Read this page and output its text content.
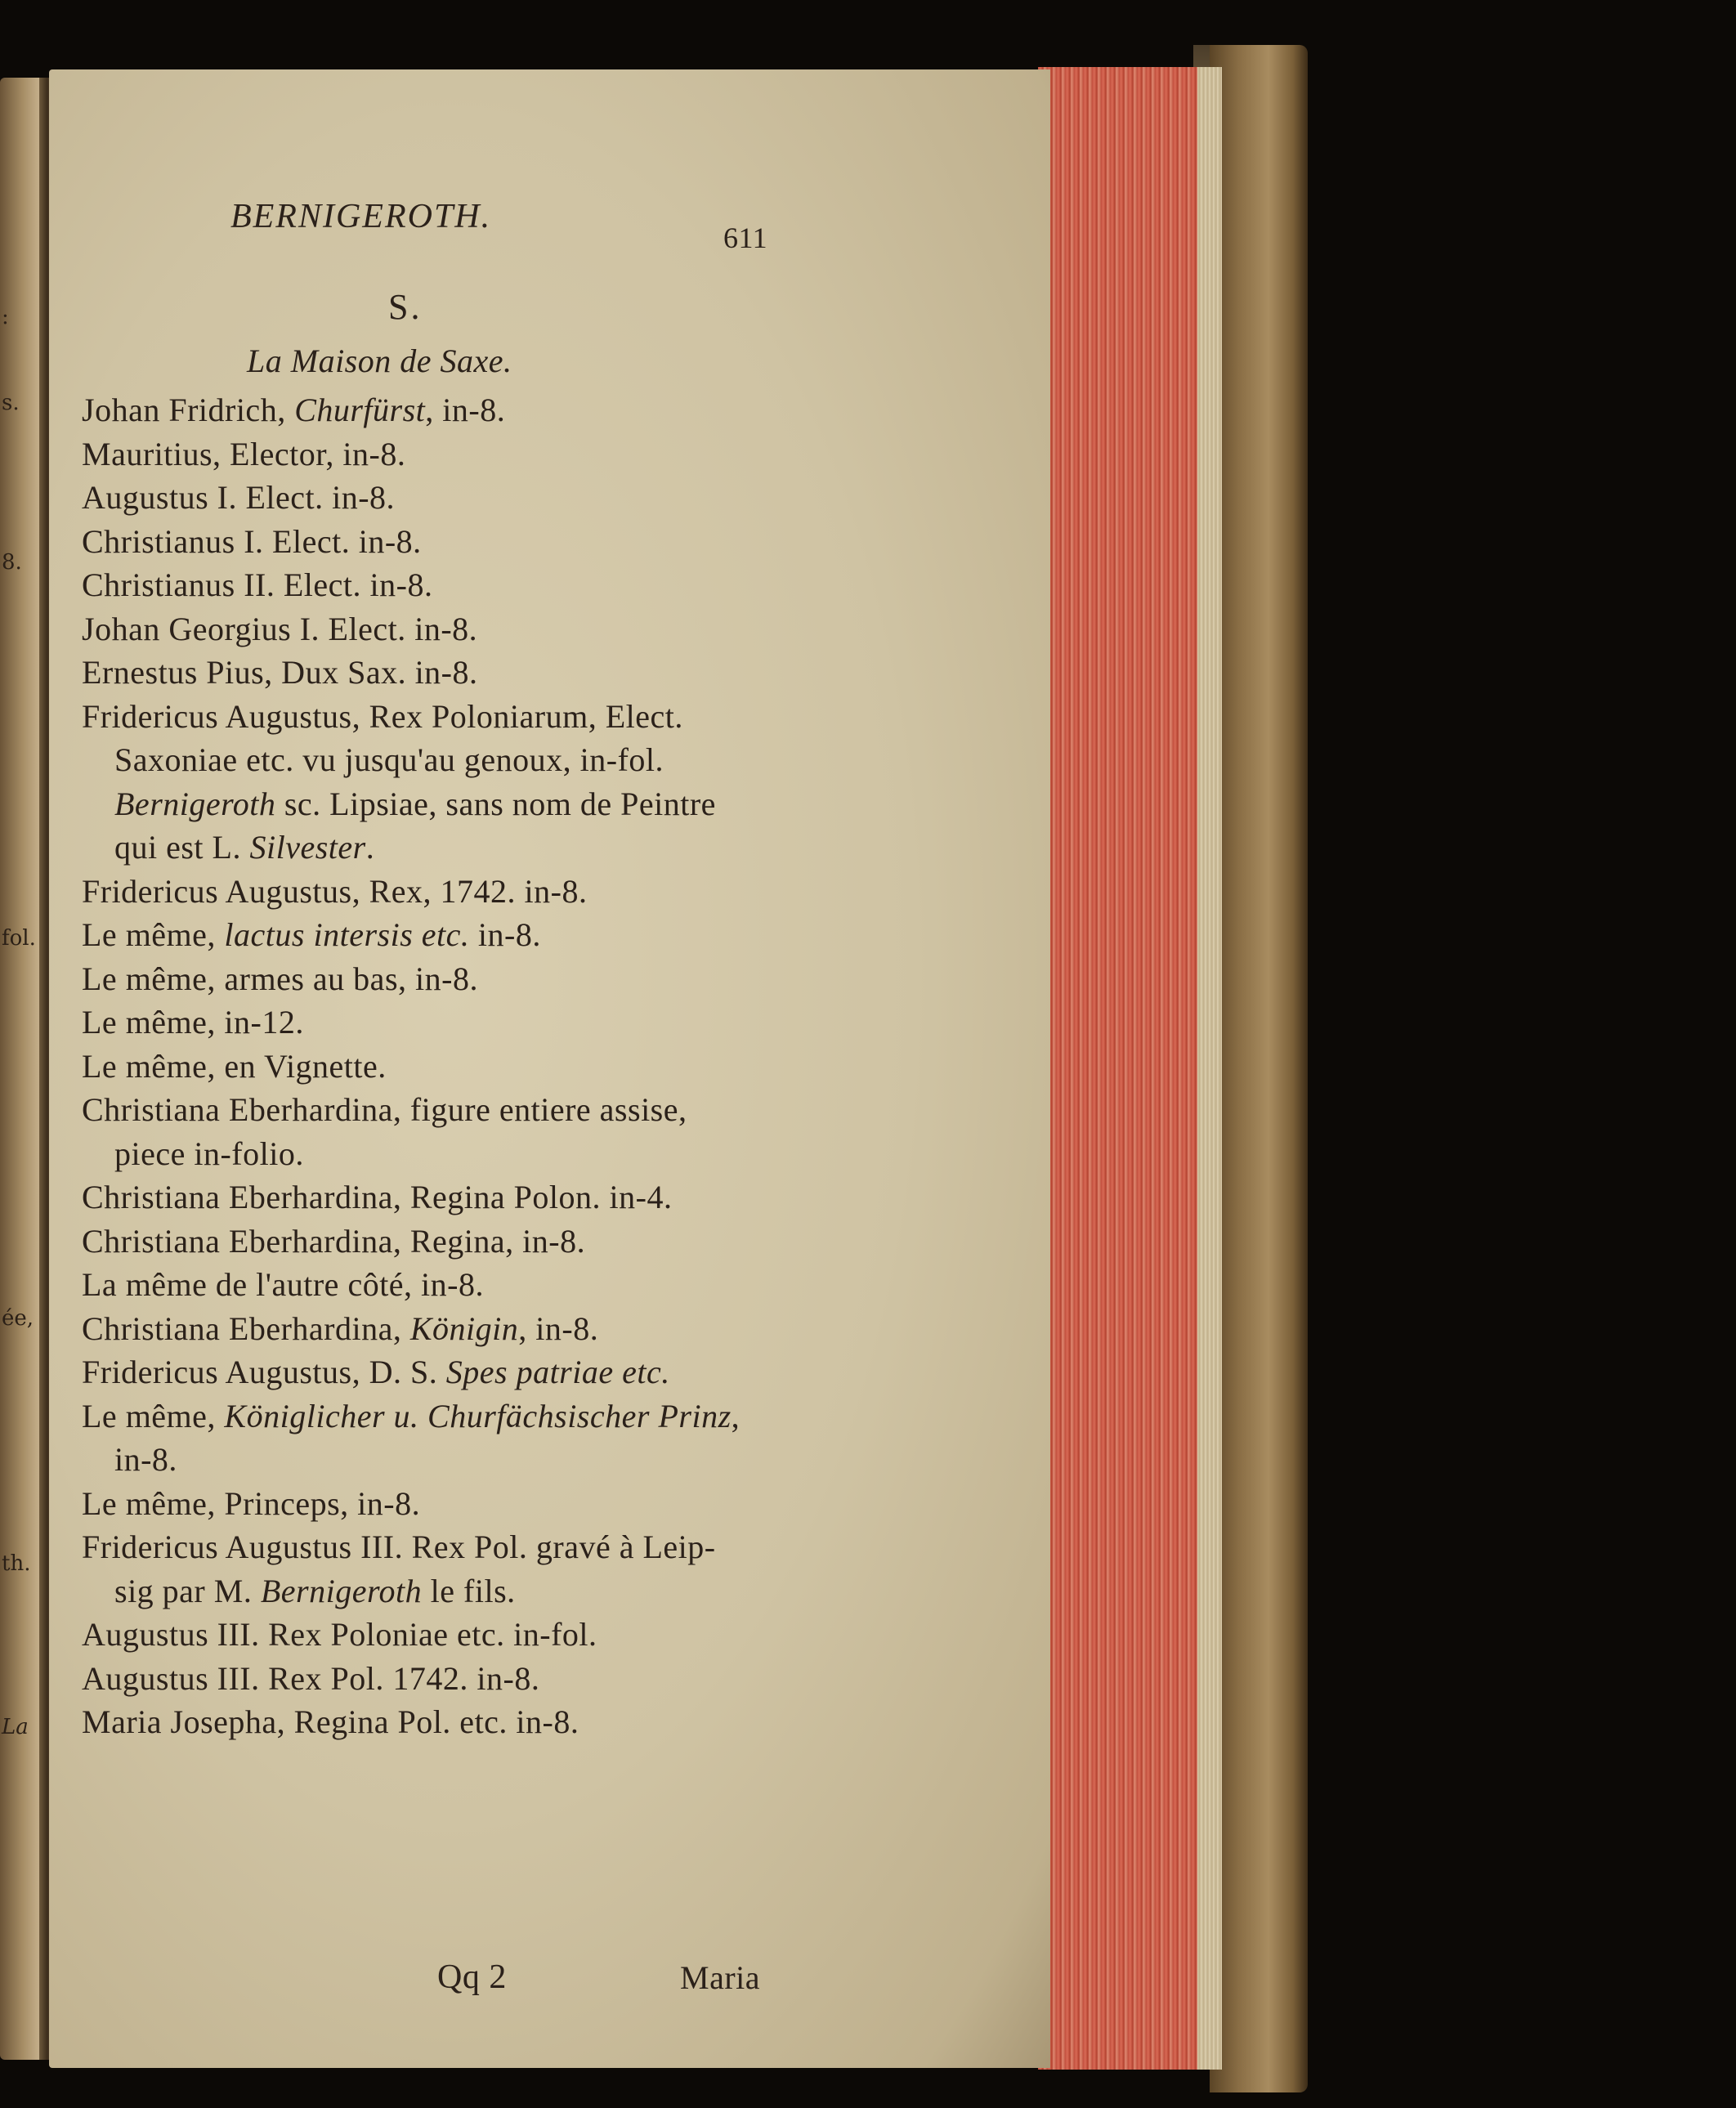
:
s.
8.
fol.
ée,
th.
La
BERNIGEROTH.
611
S.
La Maison de Saxe.
Johan Fridrich, Churfürst, in-8.
Mauritius, Elector, in-8.
Augustus I. Elect. in-8.
Christianus I. Elect. in-8.
Christianus II. Elect. in-8.
Johan Georgius I. Elect. in-8.
Ernestus Pius, Dux Sax. in-8.
Fridericus Augustus, Rex Poloniarum, Elect.
Saxoniae etc. vu jusqu'au genoux, in-fol.
Bernigeroth sc. Lipsiae, sans nom de Peintre
qui est L. Silvester.
Fridericus Augustus, Rex, 1742. in-8.
Le même, lactus intersis etc. in-8.
Le même, armes au bas, in-8.
Le même, in-12.
Le même, en Vignette.
Christiana Eberhardina, figure entiere assise,
piece in-folio.
Christiana Eberhardina, Regina Polon. in-4.
Christiana Eberhardina, Regina, in-8.
La même de l'autre côté, in-8.
Christiana Eberhardina, Königin, in-8.
Fridericus Augustus, D. S. Spes patriae etc.
Le même, Königlicher u. Churfächsischer Prinz,
in-8.
Le même, Princeps, in-8.
Fridericus Augustus III. Rex Pol. gravé à Leip-
sig par M. Bernigeroth le fils.
Augustus III. Rex Poloniae etc. in-fol.
Augustus III. Rex Pol. 1742. in-8.
Maria Josepha, Regina Pol. etc. in-8.
Qq 2	Maria
